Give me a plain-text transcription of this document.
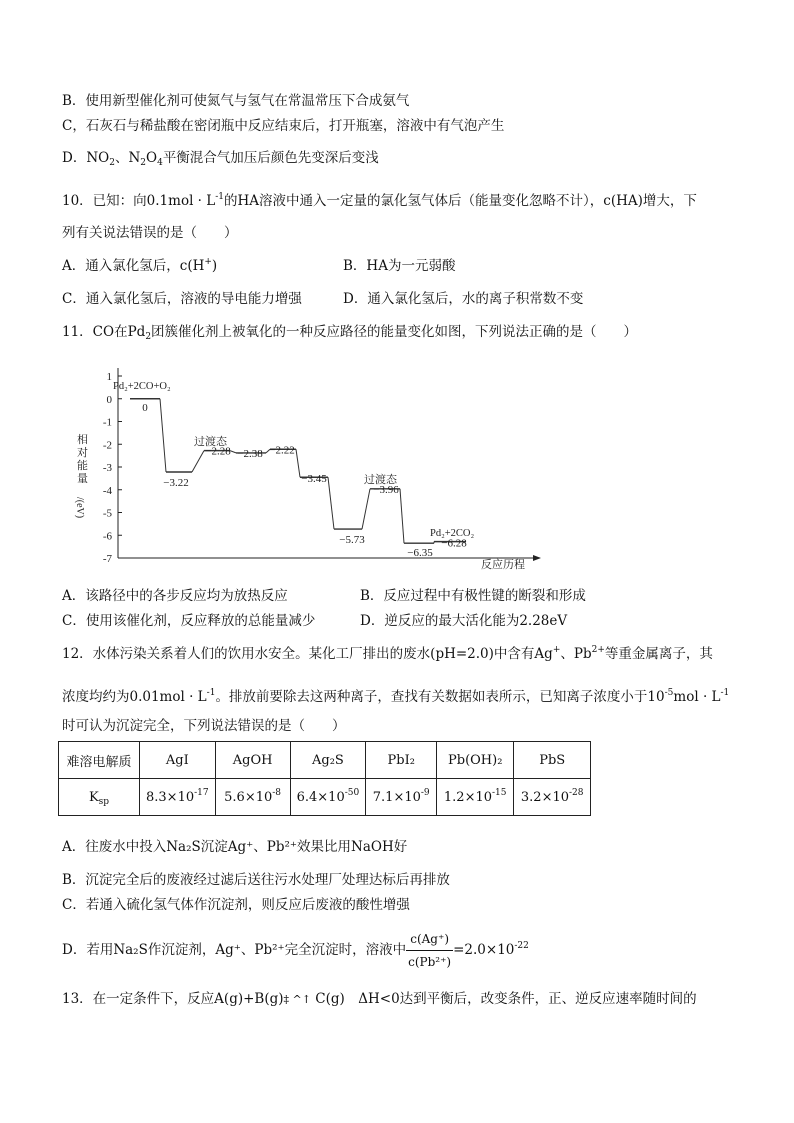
B．使用新型催化剂可使氮气与氢气在常温常压下合成氨气
C，石灰石与稀盐酸在密闭瓶中反应结束后，打开瓶塞，溶液中有气泡产生
D．$NO_2$、$N_2O_4$平衡混合气加压后颜色先变深后变浅
10．已知：向$0.1mol \cdot L^{-1}$的HA溶液中通入一定量的氯化氢气体后（能量变化忽略不计），c(HA)增大，下
列有关说法错误的是（　　）
A．通入氯化氢后，c(H+)	B．HA为一元弱酸
C．通入氯化氢后，溶液的导电能力增强	D．通入氯化氢后，水的离子积常数不变
11．CO在$Pd_2$团簇催化剂上被氧化的一种反应路径的能量变化如图，下列说法正确的是（　　）
1
0
-1
-2
-3
-4
-5
-6
-7
相
对
能
量
/(eV)
反应历程
0
−3.22
−2.28 −2.38 −2.22
−3.45
−5.73
−3.96
−6.35
−6.28
Pd₂+2CO+O₂
Pd₂+2CO₂
过渡态
过渡态
A．该路径中的各步反应均为放热反应	B．反应过程中有极性键的断裂和形成
C．使用该催化剂，反应释放的总能量减少	D．逆反应的最大活化能为2.28eV
12．水体污染关系着人们的饮用水安全。某化工厂排出的废水(pH=2.0)中含有Ag+、$Pb^{2+}$等重金属离子，其
浓度均约为$0.01mol \cdot L^{-1}$。排放前要除去这两种离子，查找有关数据如表所示，已知离子浓度小于$10^{-5}mol \cdot L^{-1}$
时可认为沉淀完全，下列说法错误的是（　　）
难溶电解质	AgI	AgOH	Ag₂S	PbI₂	Pb(OH)₂	PbS
$K_{sp}$	$8.3\times 10^{-17}$	$5.6\times 10^{-8}$	$6.4\times 10^{-50}$	$7.1\times 10^{-9}$	$1.2\times 10^{-15}$	$3.2\times 10^{-28}$
A．往废水中投入Na₂S沉淀Ag⁺、Pb²⁺效果比用NaOH好
B．沉淀完全后的废液经过滤后送往污水处理厂处理达标后再排放
C．若通入硫化氢气体作沉淀剂，则反应后废液的酸性增强
D．若用Na₂S作沉淀剂，Ag⁺、Pb²⁺完全沉淀时，溶液中 $\frac{c(Ag^+)}{\text{c(Pb²⁺)}} =2.0\times 10^{-22}$
13．在一定条件下，反应A(g)+B(g)‡ ^↑ C(g)　ΔH<0达到平衡后，改变条件，正、逆反应速率随时间的
